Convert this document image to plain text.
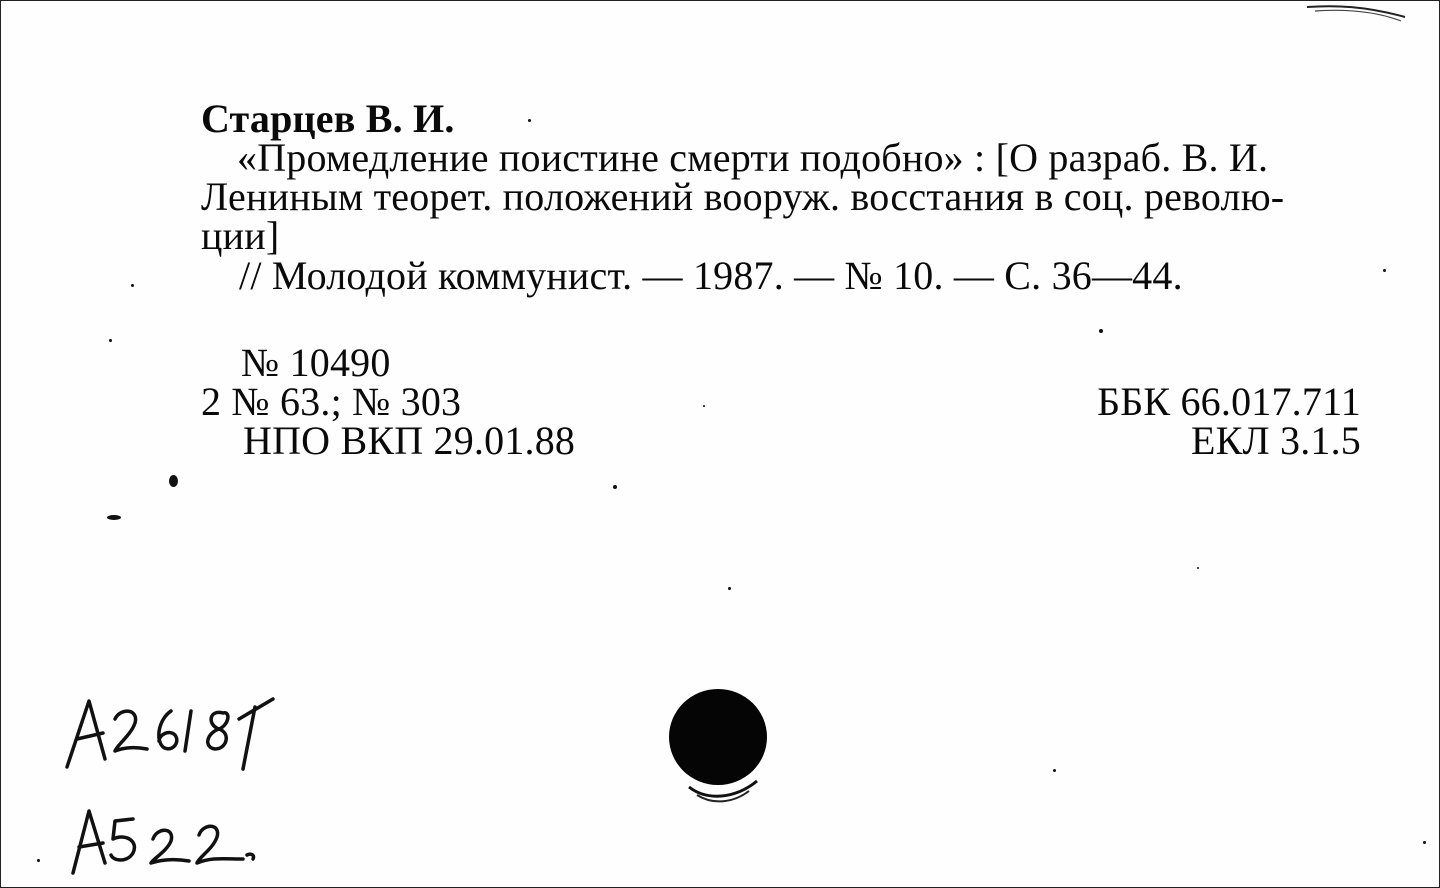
Старцев В. И.
«Промедление поистине смерти подобно» : [О разраб. В. И.
Лениным теорет. положений вооруж. восстания в соц. револю-
ции]
// Молодой коммунист. — 1987. — № 10. — С. 36—44.
№ 10490
2 № 63.; № 303
НПО ВКП 29.01.88
ББК 66.017.711
ЕКЛ 3.1.5
